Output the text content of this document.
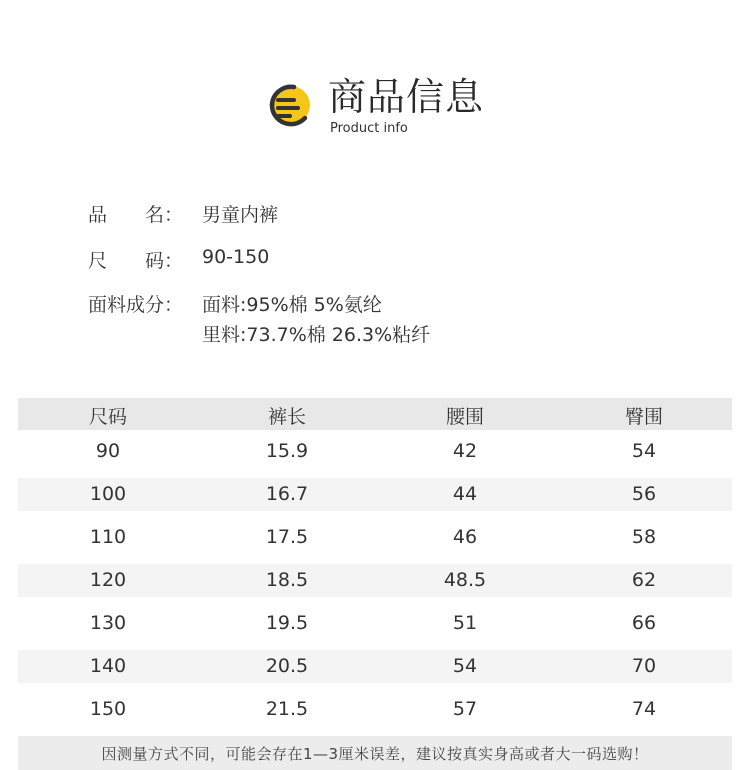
商品信息
Product info
品　　名： 男童内裤
尺　　码： 90-150
面料成分： 面料:95%棉 5%氨纶
里料:73.7%棉 26.3%粘纤
尺码	裤长	腰围	臀围
90	15.9	42	54
100	16.7	44	56
110	17.5	46	58
120	18.5	48.5	62
130	19.5	51	66
140	20.5	54	70
150	21.5	57	74
因测量方式不同，可能会存在1—3厘米误差，建议按真实身高或者大一码选购！
